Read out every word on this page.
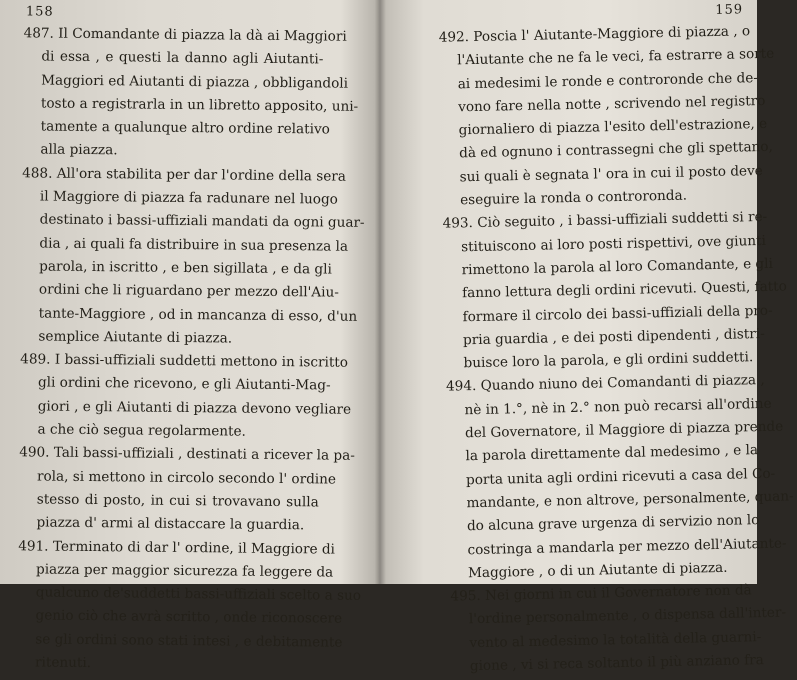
158
487. Il Comandante di piazza la dà ai Maggiori
di essa , e questi la danno agli Aiutanti-
Maggiori ed Aiutanti di piazza , obbligandoli
tosto a registrarla in un libretto apposito, uni-
tamente a qualunque altro ordine relativo
alla piazza.
488. All'ora stabilita per dar l'ordine della sera
il Maggiore di piazza fa radunare nel luogo
destinato i bassi-uffiziali mandati da ogni guar-
dia , ai quali fa distribuire in sua presenza la
parola, in iscritto , e ben sigillata , e da gli
ordini che li riguardano per mezzo dell'Aiu-
tante-Maggiore , od in mancanza di esso, d'un
semplice Aiutante di piazza.
489. I bassi-uffiziali suddetti mettono in iscritto
gli ordini che ricevono, e gli Aiutanti-Mag-
giori , e gli Aiutanti di piazza devono vegliare
a che ciò segua regolarmente.
490. Tali bassi-uffiziali , destinati a ricever la pa-
rola, si mettono in circolo secondo l' ordine
stesso di posto, in cui si trovavano sulla
piazza d' armi al distaccare la guardia.
491. Terminato di dar l' ordine, il Maggiore di
piazza per maggior sicurezza fa leggere da
qualcuno de'suddetti bassi-uffiziali scelto a suo
genio ciò che avrà scritto , onde riconoscere
se gli ordini sono stati intesi , e debitamente
ritenuti.
159
492. Poscia l' Aiutante-Maggiore di piazza , o
l'Aiutante che ne fa le veci, fa estrarre a sorte
ai medesimi le ronde e controronde che de-
vono fare nella notte , scrivendo nel registro
giornaliero di piazza l'esito dell'estrazione, e
dà ed ognuno i contrassegni che gli spettano,
sui quali è segnata l' ora in cui il posto deve
eseguire la ronda o controronda.
493. Ciò seguito , i bassi-uffiziali suddetti si re-
stituiscono ai loro posti rispettivi, ove giunti
rimettono la parola al loro Comandante, e gli
fanno lettura degli ordini ricevuti. Questi, fatto
formare il circolo dei bassi-uffiziali della pro-
pria guardia , e dei posti dipendenti , distri-
buisce loro la parola, e gli ordini suddetti.
494. Quando niuno dei Comandanti di piazza ,
nè in 1.°, nè in 2.° non può recarsi all'ordine
del Governatore, il Maggiore di piazza prende
la parola direttamente dal medesimo , e la
porta unita agli ordini ricevuti a casa del Co-
mandante, e non altrove, personalmente, quan-
do alcuna grave urgenza di servizio non lo
costringa a mandarla per mezzo dell'Aiutante-
Maggiore , o di un Aiutante di piazza.
495. Nei giorni in cui il Governatore non dà
l'ordine personalmente , o dispensa dall'inter-
vento al medesimo la totalità della guarni-
gione , vi si reca soltanto il più anziano fra
